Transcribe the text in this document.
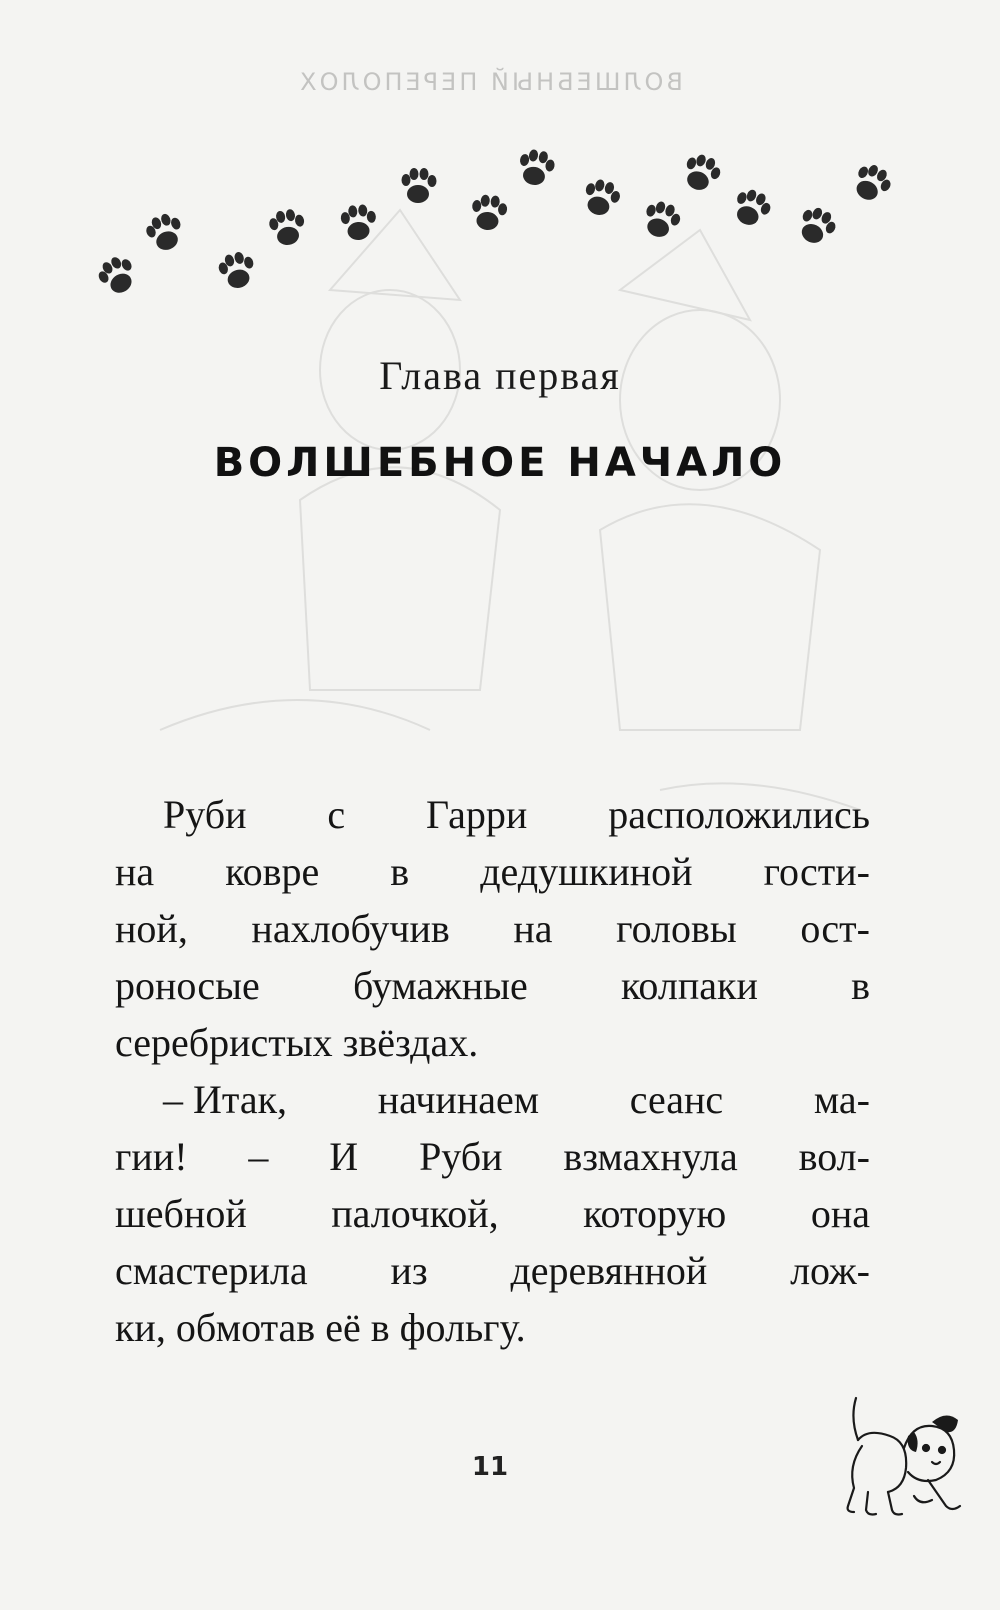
ВОЛШЕБНЫЙ ПЕРЕПОЛОХ
Глава первая
ВОЛШЕБНОЕ НАЧАЛО
Руби с Гарри расположились
на ковре в дедушкиной гости-
ной, нахлобучив на головы ост-
роносые бумажные колпаки в
серебристых звёздах.
– Итак, начинаем сеанс ма-
гии! – И Руби взмахнула вол-
шебной палочкой, которую она
смастерила из деревянной лож-
ки, обмотав её в фольгу.
11
